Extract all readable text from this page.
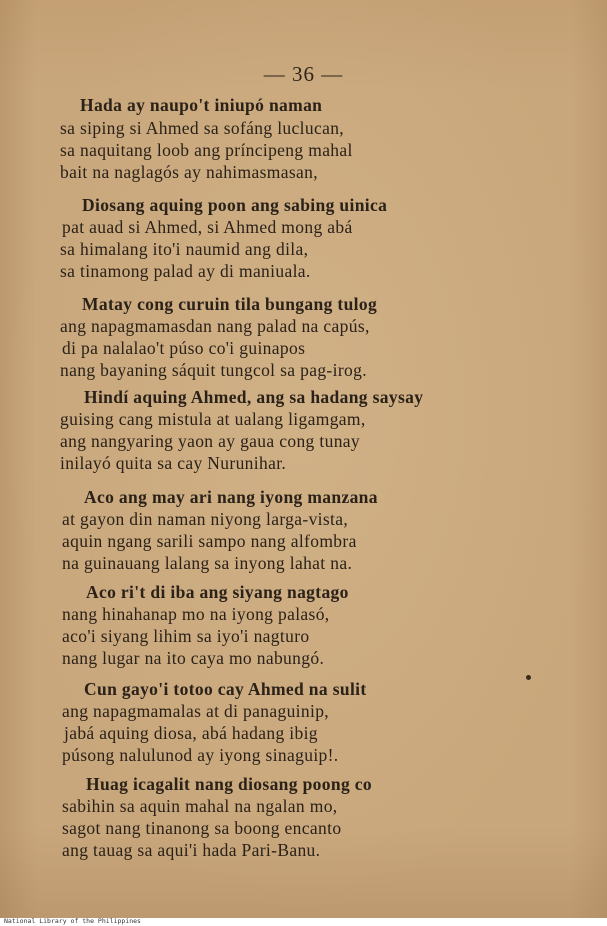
— 36 —
Hada ay naupo't iniupó naman
sa siping si Ahmed sa sofáng luclucan,
sa naquitang loob ang príncipeng mahal
bait na naglagós ay nahimasmasan,
Diosang aquing poon ang sabing uinica
pat auad si Ahmed, si Ahmed mong abá
sa himalang ito'i naumid ang dila,
sa tinamong palad ay di maniuala.
Matay cong curuin tila bungang tulog
ang napagmamasdan nang palad na capús,
di pa nalalao't púso co'i guinapos
nang bayaning sáquit tungcol sa pag-irog.
Hindí aquing Ahmed, ang sa hadang saysay
guising cang mistula at ualang ligamgam,
ang nangyaring yaon ay gaua cong tunay
inilayó quita sa cay Nurunihar.
Aco ang may ari nang iyong manzana
at gayon din naman niyong larga-vista,
aquin ngang sarili sampo nang alfombra
na guinauang lalang sa inyong lahat na.
Aco ri't di iba ang siyang nagtago
nang hinahanap mo na iyong palasó,
aco'i siyang lihim sa iyo'i nagturo
nang lugar na ito caya mo nabungó.
Cun gayo'i totoo cay Ahmed na sulit
ang napagmamalas at di panaguinip,
jabá aquing diosa, abá hadang ibig
púsong nalulunod ay iyong sinaguip!.
Huag icagalit nang diosang poong co
sabihin sa aquin mahal na ngalan mo,
sagot nang tinanong sa boong encanto
ang tauag sa aqui'i hada Pari-Banu.
National Library of the Philippines
